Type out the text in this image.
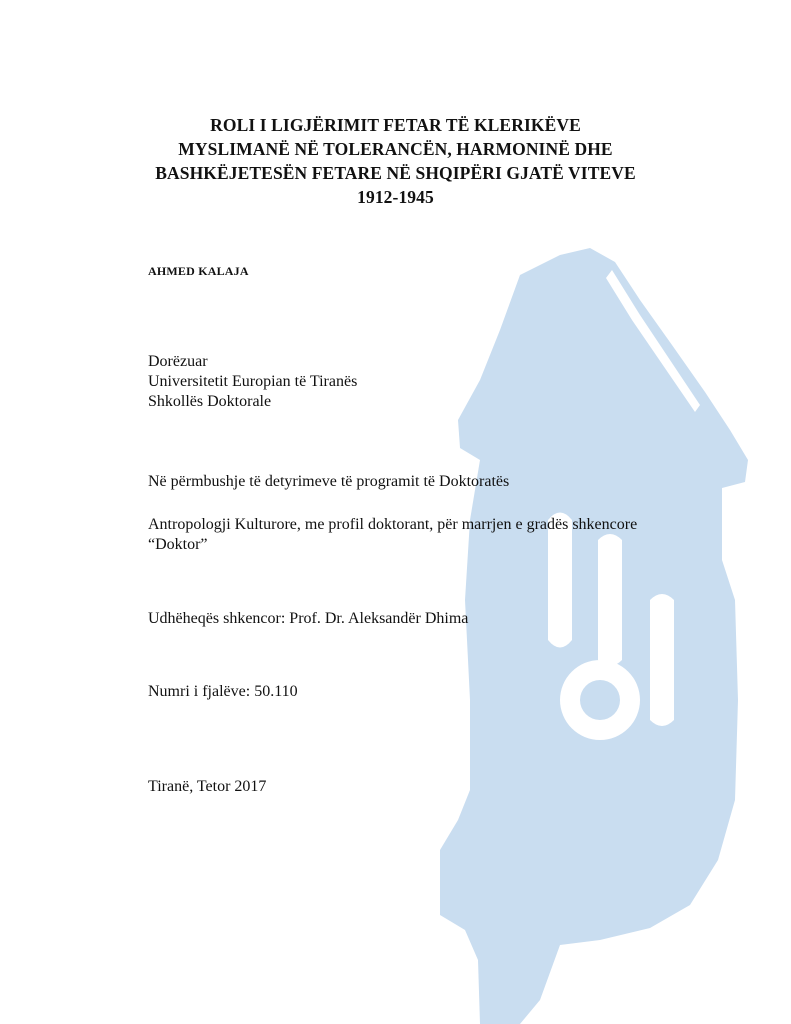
ROLI I LIGJËRIMIT FETAR TË KLERIKËVE
MYSLIMANË NË TOLERANCËN, HARMONINË DHE
BASHKËJETESËN FETARE NË SHQIPËRI GJATË VITEVE
1912-1945
AHMED KALAJA
Dorëzuar
Universitetit Europian të Tiranës
Shkollës Doktorale
Në përmbushje të detyrimeve të programit të Doktoratës
Antropologji Kulturore, me profil doktorant, për marrjen e gradës shkencore
“Doktor”
Udhëheqës shkencor: Prof. Dr. Aleksandër Dhima
Numri i fjalëve: 50.110
Tiranë, Tetor 2017
